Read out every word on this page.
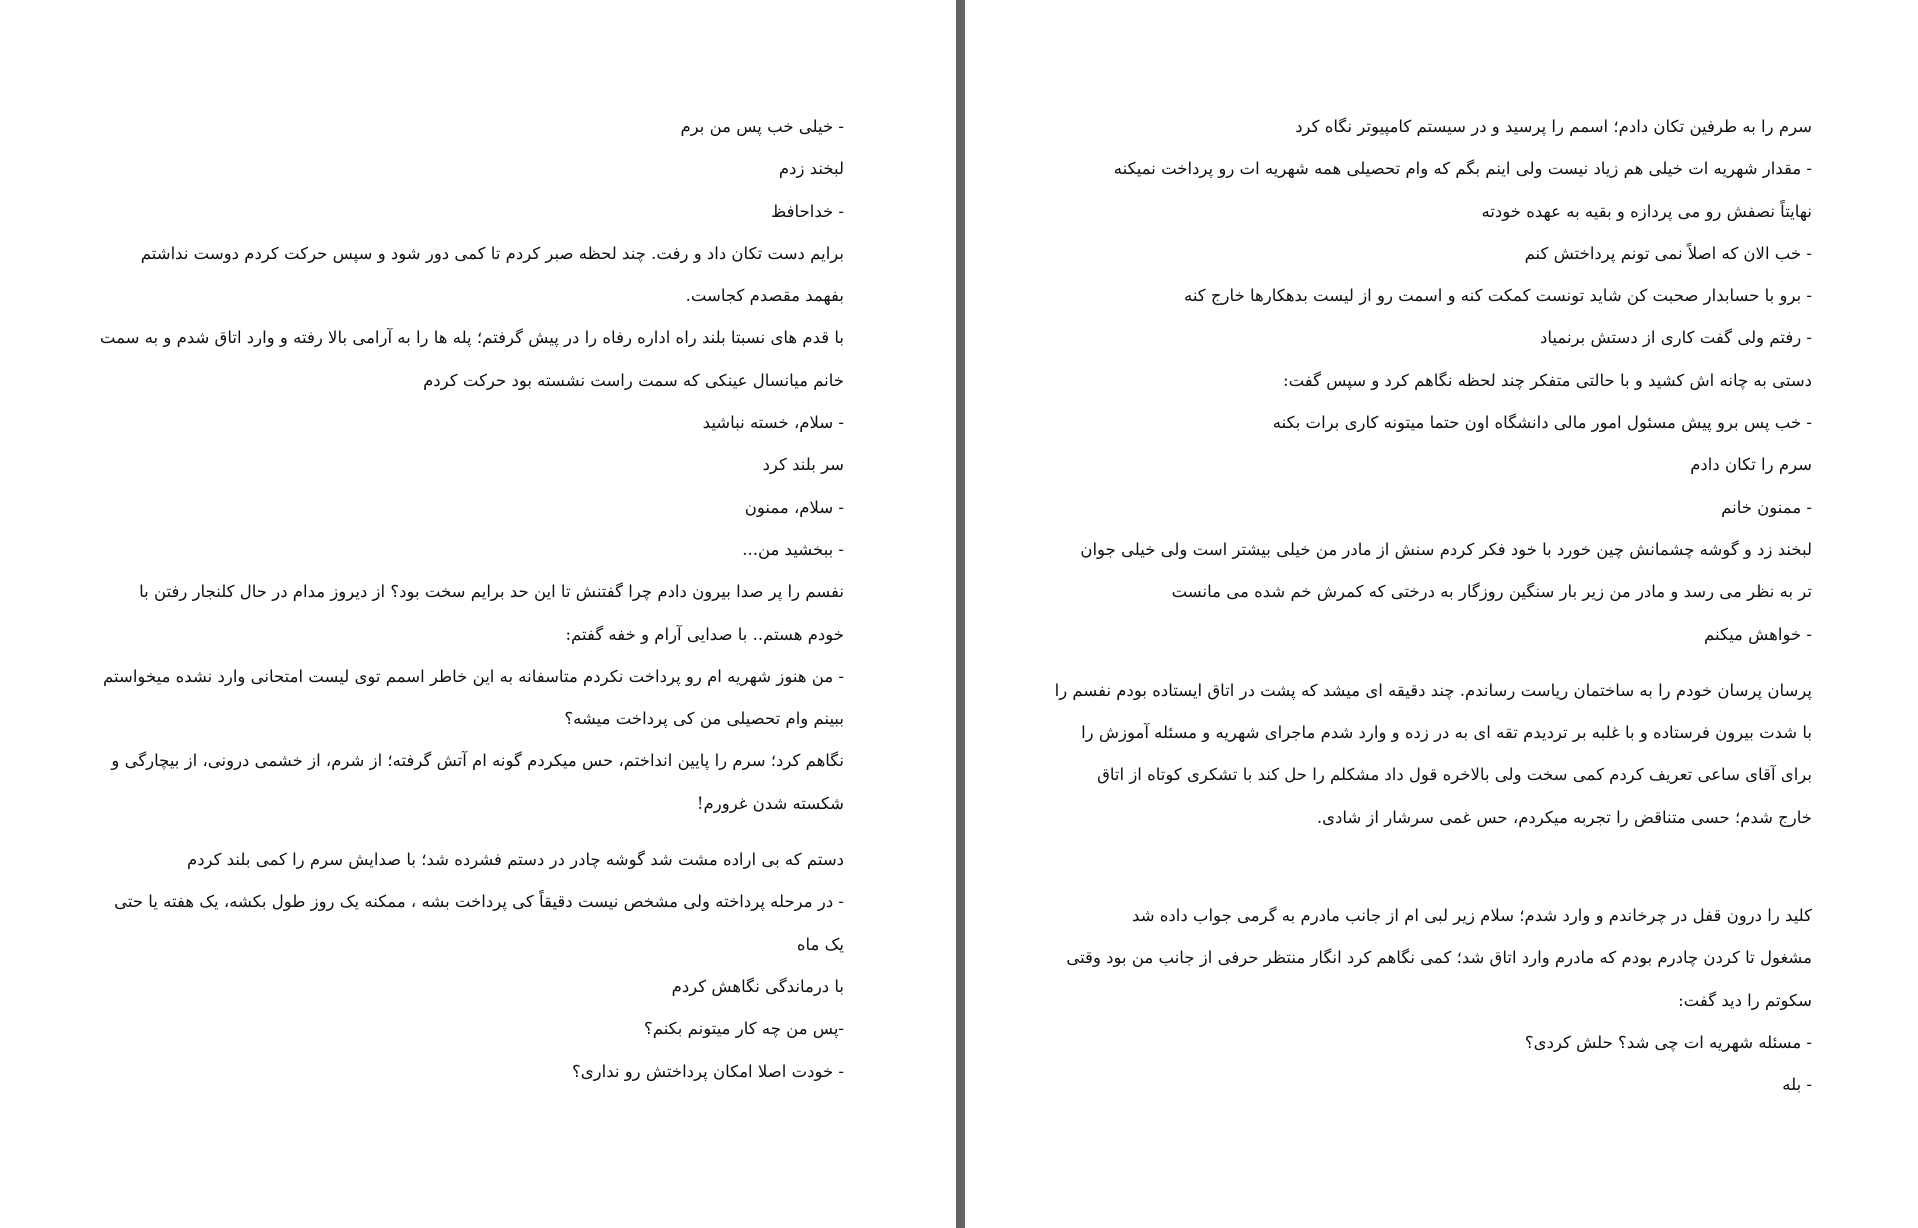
- خیلی خب پس من برم
لبخند زدم
- خداحافظ
برایم دست تکان داد و رفت. چند لحظه صبر کردم تا کمی دور شود و سپس حرکت کردم دوست نداشتم
بفهمد مقصدم کجاست.
با قدم های نسبتا بلند راه اداره رفاه را در پیش گرفتم؛ پله ها را به آرامی بالا رفته و وارد اتاق شدم و به سمت
خانم میانسال عینکی که سمت راست نشسته بود حرکت کردم
- سلام، خسته نباشید
سر بلند کرد
- سلام، ممنون
- ببخشید من...
نفسم را پر صدا بیرون دادم چرا گفتنش تا این حد برایم سخت بود؟ از دیروز مدام در حال کلنجار رفتن با
خودم هستم.. با صدایی آرام و خفه گفتم:
- من هنوز شهریه ام رو پرداخت نکردم متاسفانه به این خاطر اسمم توی لیست امتحانی وارد نشده میخواستم
ببینم وام تحصیلی من کی پرداخت میشه؟
نگاهم کرد؛ سرم را پایین انداختم، حس میکردم گونه ام آتش گرفته؛ از شرم، از خشمی درونی، از بیچارگی و
شکسته شدن غرورم!
دستم که بی اراده مشت شد گوشه چادر در دستم فشرده شد؛ با صدایش سرم را کمی بلند کردم
- در مرحله پرداخته ولی مشخص نیست دقیقاً کی پرداخت بشه ، ممکنه یک روز طول بکشه، یک هفته یا حتی
یک ماه
با درماندگی نگاهش کردم
-پس من چه کار میتونم بکنم؟
- خودت اصلا امکان پرداختش رو نداری؟
سرم را به طرفین تکان دادم؛ اسمم را پرسید و در سیستم کامپیوتر نگاه کرد
- مقدار شهریه ات خیلی هم زیاد نیست ولی اینم بگم که وام تحصیلی همه شهریه ات رو پرداخت نمیکنه
نهایتاً نصفش رو می پردازه و بقیه به عهده خودته
- خب الان که اصلاً نمی تونم پرداختش کنم
- برو با حسابدار صحبت کن شاید تونست کمکت کنه و اسمت رو از لیست بدهکارها خارج کنه
- رفتم ولی گفت کاری از دستش برنمیاد
دستی به چانه اش کشید و با حالتی متفکر چند لحظه نگاهم کرد و سپس گفت:
- خب پس برو پیش مسئول امور مالی دانشگاه اون حتما میتونه کاری برات بکنه
سرم را تکان دادم
- ممنون خانم
لبخند زد و گوشه چشمانش چین خورد با خود فکر کردم سنش از مادر من خیلی بیشتر است ولی خیلی جوان
تر به نظر می رسد و مادر من زیر بار سنگین روزگار به درختی که کمرش خم شده می مانست
- خواهش میکنم
پرسان پرسان خودم را به ساختمان ریاست رساندم. چند دقیقه ای میشد که پشت در اتاق ایستاده بودم نفسم را
با شدت بیرون فرستاده و با غلبه بر تردیدم تقه ای به در زده و وارد شدم ماجرای شهریه و مسئله آموزش را
برای آقای ساعی تعریف کردم کمی سخت ولی بالاخره قول داد مشکلم را حل کند با تشکری کوتاه از اتاق
خارج شدم؛ حسی متناقض را تجربه میکردم، حس غمی سرشار از شادی.
کلید را درون قفل در چرخاندم و وارد شدم؛ سلام زیر لبی ام از جانب مادرم به گرمی جواب داده شد
مشغول تا کردن چادرم بودم که مادرم وارد اتاق شد؛ کمی نگاهم کرد انگار منتظر حرفی از جانب من بود وقتی
سکوتم را دید گفت:
- مسئله شهریه ات چی شد؟ حلش کردی؟
- بله
